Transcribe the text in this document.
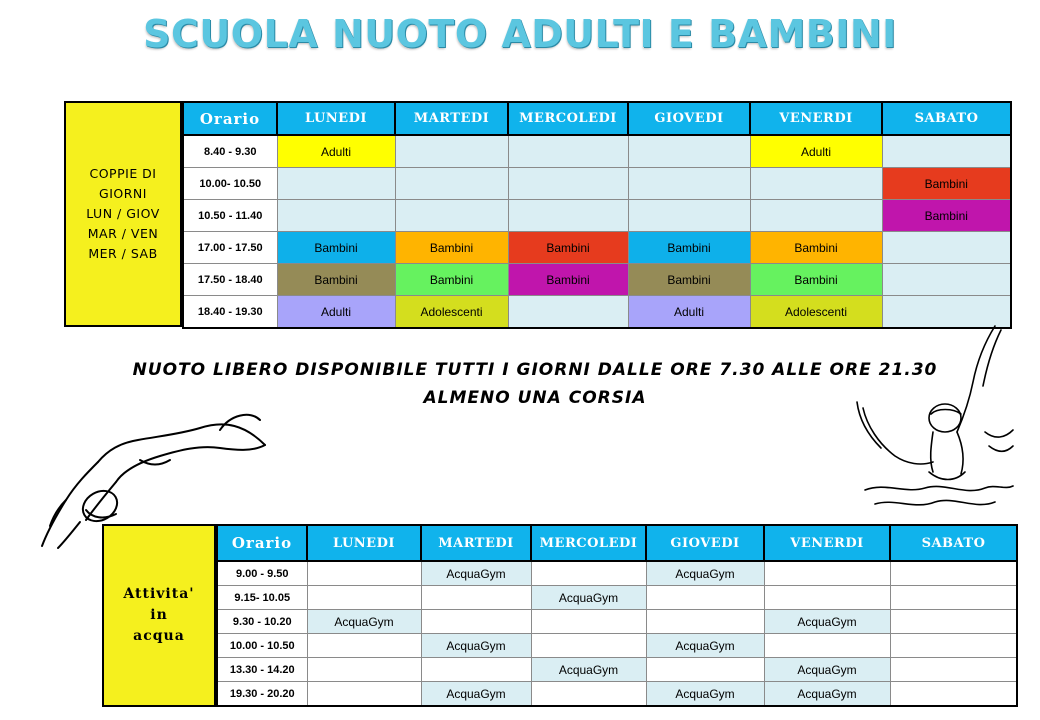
SCUOLA NUOTO ADULTI E BAMBINI
COPPIE DI
GIORNI
LUN / GIOV
MAR / VEN
MER / SAB
Orario	LUNEDI	MARTEDI	MERCOLEDI	GIOVEDI	VENERDI	SABATO
8.40 - 9.30	Adulti				Adulti	
10.00- 10.50						Bambini
10.50 - 11.40						Bambini
17.00 - 17.50	Bambini	Bambini	Bambini	Bambini	Bambini	
17.50 - 18.40	Bambini	Bambini	Bambini	Bambini	Bambini	
18.40 - 19.30	Adulti	Adolescenti		Adulti	Adolescenti	
NUOTO LIBERO DISPONIBILE TUTTI I GIORNI DALLE ORE 7.30 ALLE ORE 21.30
ALMENO UNA CORSIA
Attivita'
in
acqua
Orario	LUNEDI	MARTEDI	MERCOLEDI	GIOVEDI	VENERDI	SABATO
9.00 - 9.50		AcquaGym		AcquaGym		
9.15- 10.05			AcquaGym			
9.30 - 10.20	AcquaGym				AcquaGym	
10.00 - 10.50		AcquaGym		AcquaGym		
13.30 - 14.20			AcquaGym		AcquaGym	
19.30 - 20.20		AcquaGym		AcquaGym	AcquaGym	
